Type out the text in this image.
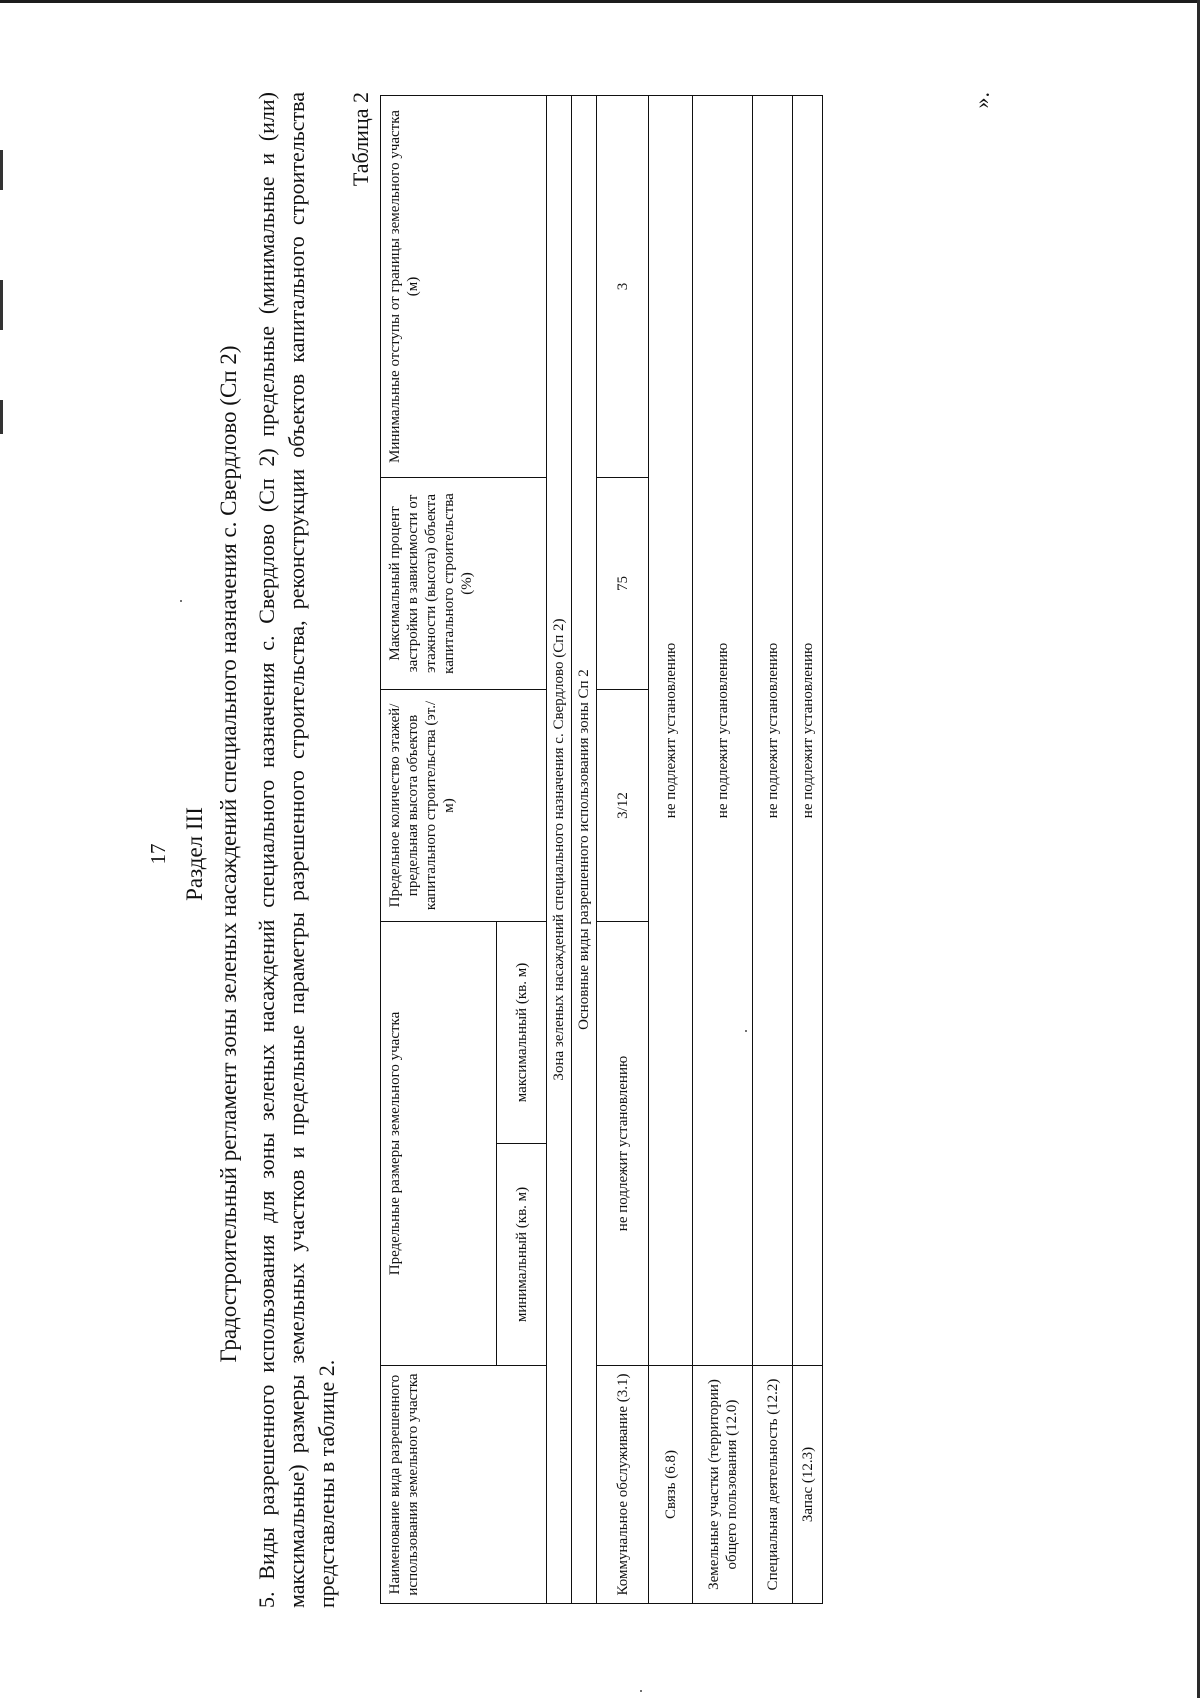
17 Раздел III Градостроительный регламент зоны зеленых насаждений специального назначения с. Свердлово (Сп 2) 5. Виды разрешенного использования для зоны зеленых насаждений специального назначения с. Свердлово (Сп 2) предельные (минимальные и (или) максимальные) размеры земельных участков и предельные параметры разрешенного строительства, реконструкции объектов капитального строительства представлены в таблице 2.
Таблица 2
Наименование вида разрешенного использования земельного участка	Предельные размеры земельного участка		Предельное количество этажей/предельная высота объектов капитального строительства (эт./м)	Максимальный процент застройки в зависимости от этажности (высота) объекта капитального строительства (%)	Минимальные отступы от границы земельного участка (м)
	минимальный (кв. м)	максимальный (кв. м)			
Зона зеленых насаждений специального назначения с. Свердлово (Сп 2)					
Основные виды разрешенного использования зоны Сп 2					
Коммунальное обслуживание (3.1)	не подлежит установлению		3/12	75	3
Связь (6.8)	не подлежит установлению				
Земельные участки (территории) общего пользования (12.0)	не подлежит установлению				
Специальная деятельность (12.2)	не подлежит установлению				
Запас (12.3)	не подлежит установлению				
».
